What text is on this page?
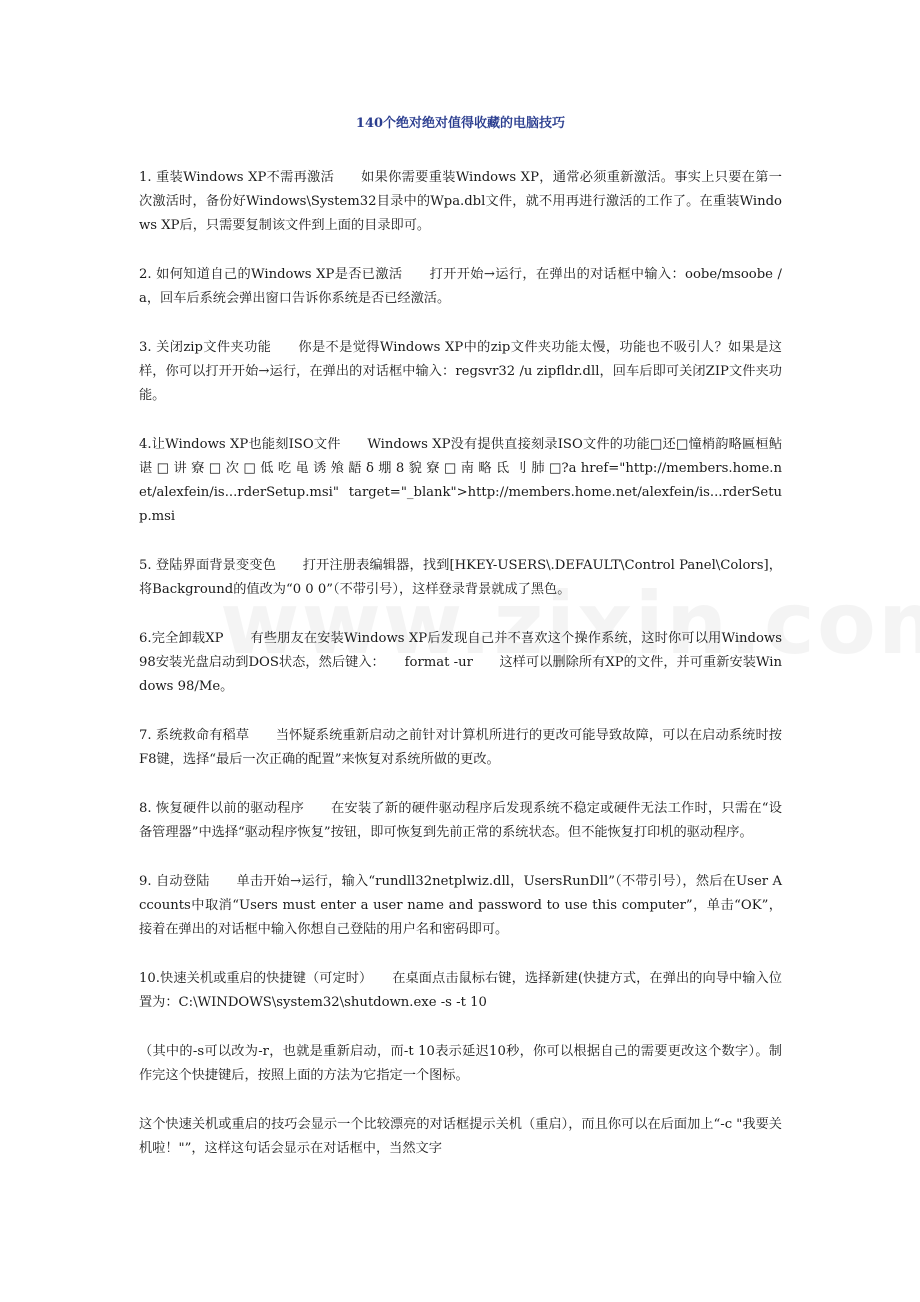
140个绝对绝对值得收藏的电脑技巧
1. 重装Windows XP不需再激活　　如果你需要重装Windows XP，通常必须重新激活。事实上只要在第一次激活时，备份好Windows\System32目录中的Wpa.dbl文件，就不用再进行激活的工作了。在重装Windows XP后，只需要复制该文件到上面的目录即可。
2. 如何知道自己的Windows XP是否已激活　　打开开始→运行，在弹出的对话框中输入：oobe/msoobe /a，回车后系统会弹出窗口告诉你系统是否已经激活。
3. 关闭zip文件夹功能　　你是不是觉得Windows XP中的zip文件夹功能太慢，功能也不吸引人？如果是这样，你可以打开开始→运行，在弹出的对话框中输入：regsvr32 /u zipfldr.dll，回车后即可关闭ZIP文件夹功能。
4.让Windows XP也能刻ISO文件　　Windows XP没有提供直接刻录ISO文件的功能□还□憧梢韵略匾桓鲇谌 □ 讲 寮 □ 次 □ 低 吃 黾 诱 飧 龉 δ 堋 8 貌 寮 □ 南 略 氐 刂 肺 □?a href="http://members.home.net/alexfein/is...rderSetup.msi" target="_blank">http://members.home.net/alexfein/is...rderSetup.msi
5. 登陆界面背景变变色　　打开注册表编辑器，找到[HKEY-USERS\.DEFAULT\Control Panel\Colors]，将Background的值改为“0 0 0”（不带引号），这样登录背景就成了黑色。
6.完全卸载XP　　有些朋友在安装Windows XP后发现自己并不喜欢这个操作系统，这时你可以用Windows 98安装光盘启动到DOS状态，然后键入：　　format -ur　　这样可以删除所有XP的文件，并可重新安装Windows 98/Me。
7. 系统救命有稻草　　当怀疑系统重新启动之前针对计算机所进行的更改可能导致故障，可以在启动系统时按F8键，选择“最后一次正确的配置”来恢复对系统所做的更改。
8. 恢复硬件以前的驱动程序　　在安装了新的硬件驱动程序后发现系统不稳定或硬件无法工作时，只需在“设备管理器”中选择“驱动程序恢复”按钮，即可恢复到先前正常的系统状态。但不能恢复打印机的驱动程序。
9. 自动登陆　　单击开始→运行，输入“rundll32netplwiz.dll，UsersRunDll”（不带引号），然后在User Accounts中取消“Users must enter a user name and password to use this computer”，单击“OK”，接着在弹出的对话框中输入你想自己登陆的用户名和密码即可。
10.快速关机或重启的快捷键（可定时）　　在桌面点击鼠标右键，选择新建(快捷方式，在弹出的向导中输入位置为：C:\WINDOWS\system32\shutdown.exe -s -t 10
（其中的-s可以改为-r，也就是重新启动，而-t 10表示延迟10秒，你可以根据自己的需要更改这个数字）。制作完这个快捷键后，按照上面的方法为它指定一个图标。
这个快速关机或重启的技巧会显示一个比较漂亮的对话框提示关机（重启），而且你可以在后面加上“-c "我要关机啦！"”，这样这句话会显示在对话框中，当然文字
